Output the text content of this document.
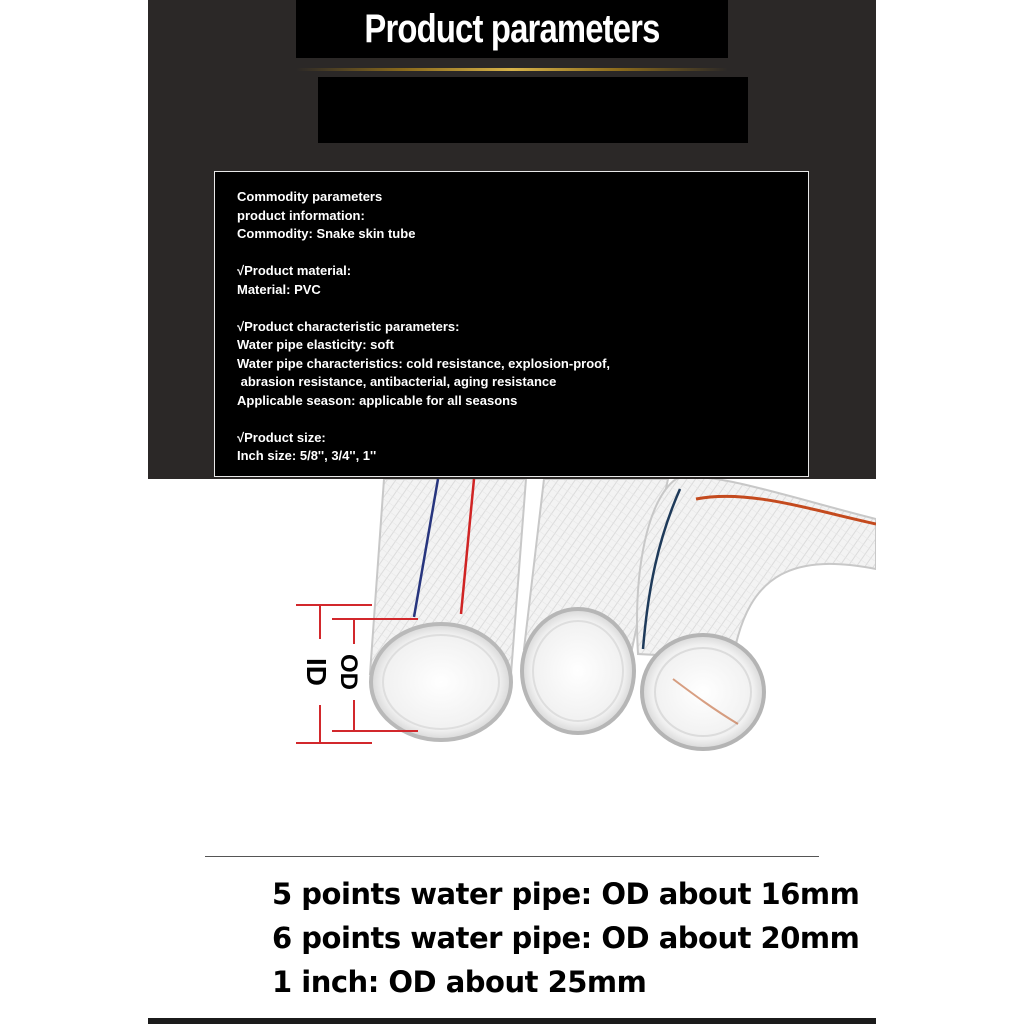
Product parameters
Commodity parameters
product information:
Commodity: Snake skin tube
√Product material:
Material: PVC
√Product characteristic parameters:
Water pipe elasticity: soft
Water pipe characteristics: cold resistance, explosion-proof,
abrasion resistance, antibacterial, aging resistance
Applicable season: applicable for all seasons
√Product size:
Inch size: 5/8'', 3/4'', 1''
ID OD
5 points water pipe: OD about 16mm
6 points water pipe: OD about 20mm
1 inch: OD about 25mm
